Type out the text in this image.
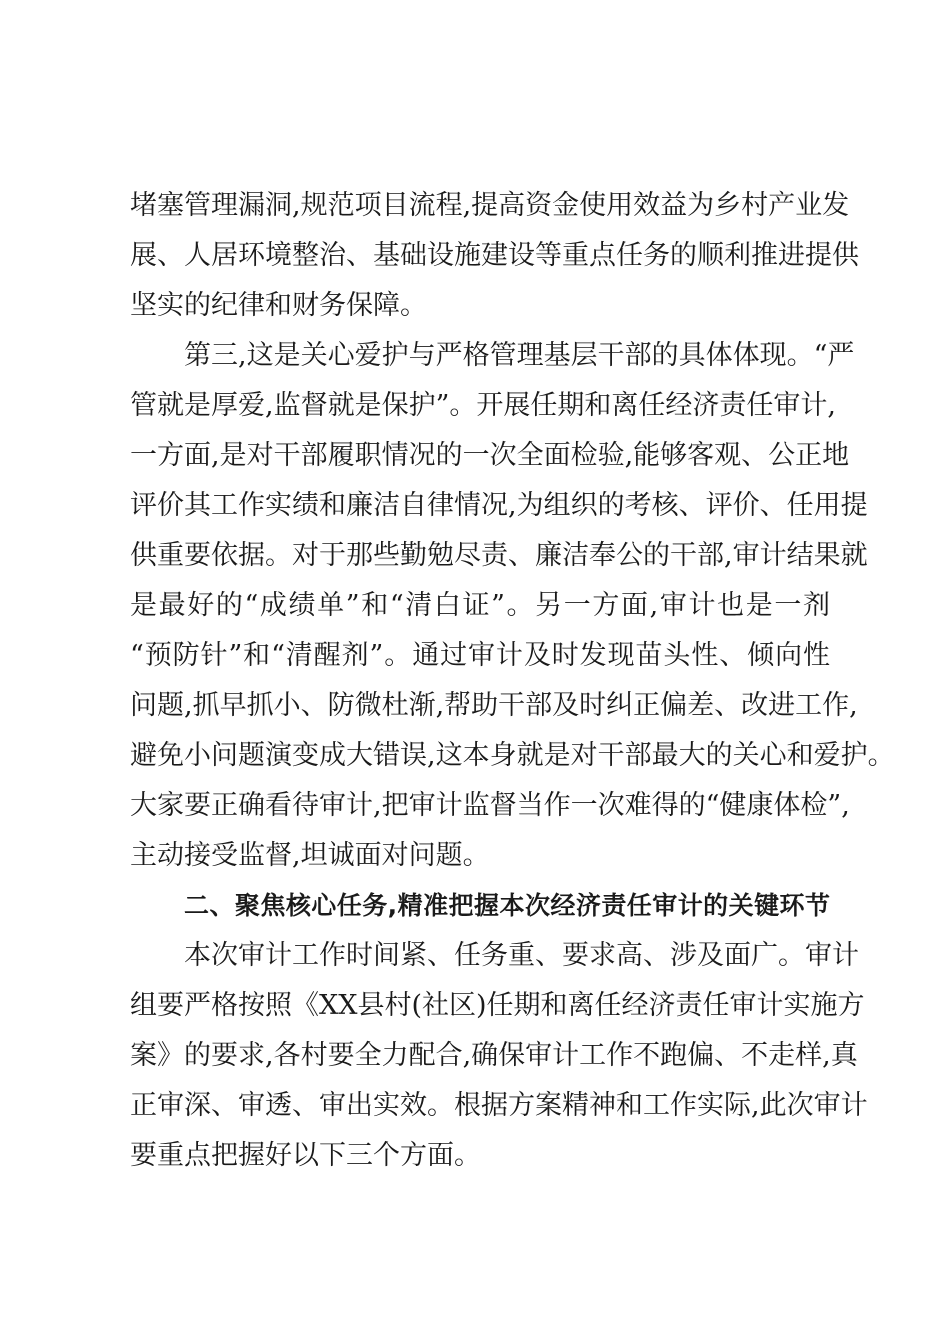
堵塞管理漏洞,规范项目流程,提高资金使用效益为乡村产业发
展、人居环境整治、基础设施建设等重点任务的顺利推进提供
坚实的纪律和财务保障。
第三,这是关心爱护与严格管理基层干部的具体体现。“严
管就是厚爱,监督就是保护”。开展任期和离任经济责任审计,
一方面,是对干部履职情况的一次全面检验,能够客观、公正地
评价其工作实绩和廉洁自律情况,为组织的考核、评价、任用提
供重要依据。对于那些勤勉尽责、廉洁奉公的干部,审计结果就
是最好的“成绩单”和“清白证”。另一方面,审计也是一剂
“预防针”和“清醒剂”。通过审计及时发现苗头性、倾向性
问题,抓早抓小、防微杜渐,帮助干部及时纠正偏差、改进工作,
避免小问题演变成大错误,这本身就是对干部最大的关心和爱护。
大家要正确看待审计,把审计监督当作一次难得的“健康体检”,
主动接受监督,坦诚面对问题。
二、聚焦核心任务,精准把握本次经济责任审计的关键环节
本次审计工作时间紧、任务重、要求高、涉及面广。审计
组要严格按照《XX县村(社区)任期和离任经济责任审计实施方
案》的要求,各村要全力配合,确保审计工作不跑偏、不走样,真
正审深、审透、审出实效。根据方案精神和工作实际,此次审计
要重点把握好以下三个方面。
